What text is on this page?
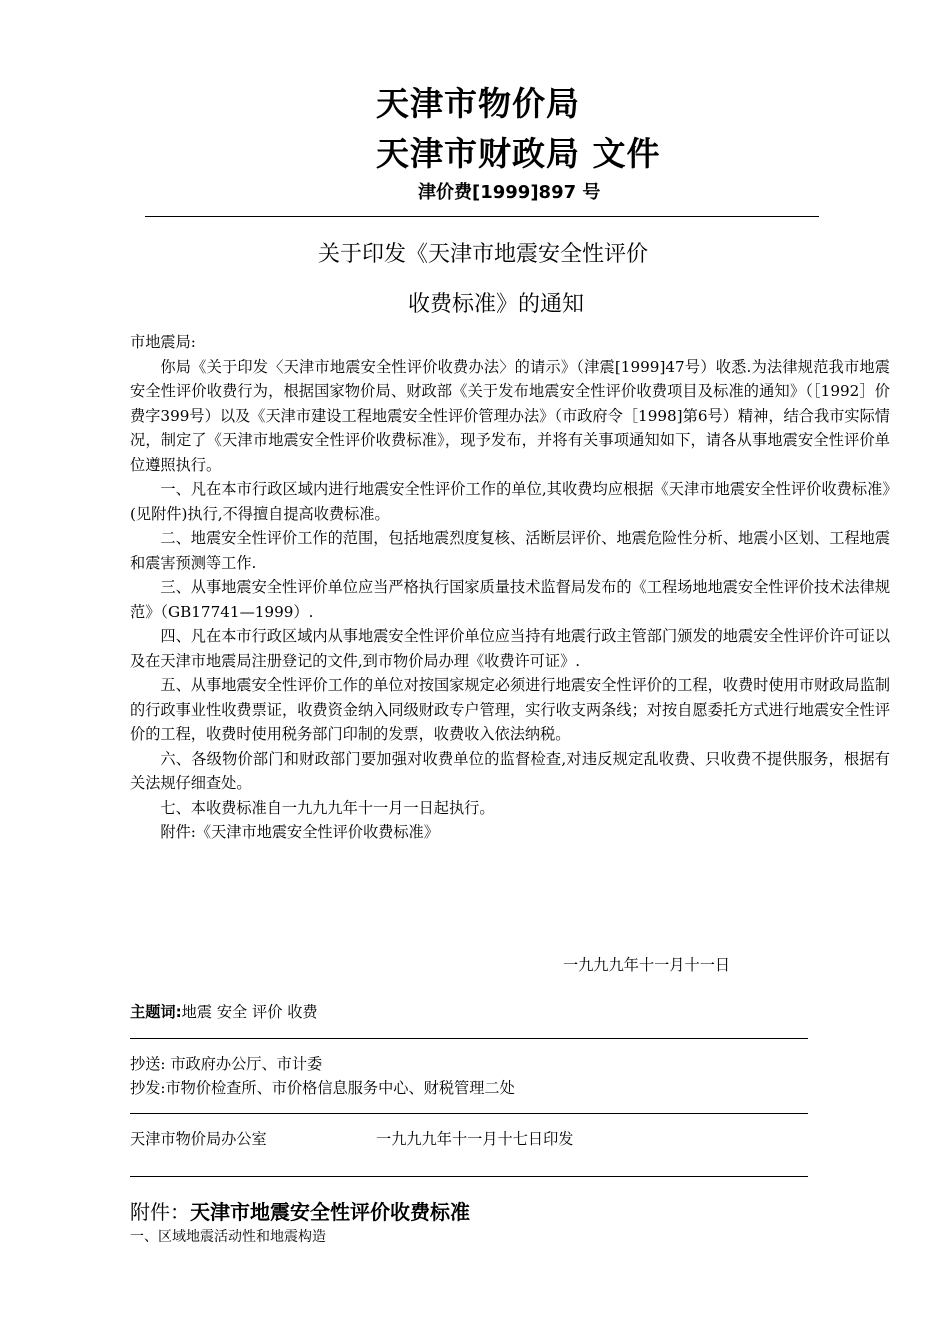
天津市物价局
天津市财政局 文件
津价费[1999]897 号
关于印发《天津市地震安全性评价
收费标准》的通知

市地震局:

你局《关于印发〈天津市地震安全性评价收费办法〉的请示》（津震[1999]47号）收悉.为法律规范我市地震安全性评价收费行为，根据国家物价局、财政部《关于发布地震安全性评价收费项目及标准的通知》（［1992］价费字399号）以及《天津市建设工程地震安全性评价管理办法》（市政府令［1998]第6号）精神，结合我市实际情况，制定了《天津市地震安全性评价收费标准》，现予发布，并将有关事项通知如下，请各从事地震安全性评价单位遵照执行。

一、凡在本市行政区域内进行地震安全性评价工作的单位,其收费均应根据《天津市地震安全性评价收费标准》(见附件)执行,不得擅自提高收费标准。

二、地震安全性评价工作的范围，包括地震烈度复核、活断层评价、地震危险性分析、地震小区划、工程地震和震害预测等工作.

三、从事地震安全性评价单位应当严格执行国家质量技术监督局发布的《工程场地地震安全性评价技术法律规范》（GB17741—1999）.

四、凡在本市行政区域内从事地震安全性评价单位应当持有地震行政主管部门颁发的地震安全性评价许可证以及在天津市地震局注册登记的文件,到市物价局办理《收费许可证》.

五、从事地震安全性评价工作的单位对按国家规定必须进行地震安全性评价的工程，收费时使用市财政局监制的行政事业性收费票证，收费资金纳入同级财政专户管理，实行收支两条线；对按自愿委托方式进行地震安全性评价的工程，收费时使用税务部门印制的发票，收费收入依法纳税。

六、各级物价部门和财政部门要加强对收费单位的监督检查,对违反规定乱收费、只收费不提供服务，根据有关法规仔细查处。

七、本收费标准自一九九九年十一月一日起执行。

附件:《天津市地震安全性评价收费标准》

一九九九年十一月十一日
主题词:地震 安全 评价 收费
抄送: 市政府办公厅、市计委
抄发:市物价检查所、市价格信息服务中心、财税管理二处
天津市物价局办公室	一九九九年十一月十七日印发
附件：天津市地震安全性评价收费标准
一、区域地震活动性和地震构造
